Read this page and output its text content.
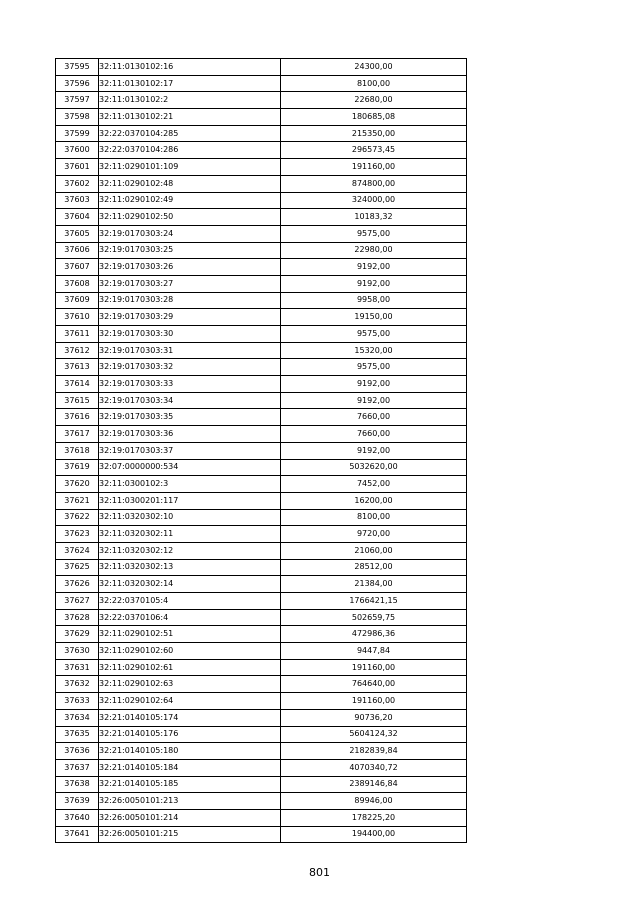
37595	32:11:0130102:16	24300,00
37596	32:11:0130102:17	8100,00
37597	32:11:0130102:2	22680,00
37598	32:11:0130102:21	180685,08
37599	32:22:0370104:285	215350,00
37600	32:22:0370104:286	296573,45
37601	32:11:0290101:109	191160,00
37602	32:11:0290102:48	874800,00
37603	32:11:0290102:49	324000,00
37604	32:11:0290102:50	10183,32
37605	32:19:0170303:24	9575,00
37606	32:19:0170303:25	22980,00
37607	32:19:0170303:26	9192,00
37608	32:19:0170303:27	9192,00
37609	32:19:0170303:28	9958,00
37610	32:19:0170303:29	19150,00
37611	32:19:0170303:30	9575,00
37612	32:19:0170303:31	15320,00
37613	32:19:0170303:32	9575,00
37614	32:19:0170303:33	9192,00
37615	32:19:0170303:34	9192,00
37616	32:19:0170303:35	7660,00
37617	32:19:0170303:36	7660,00
37618	32:19:0170303:37	9192,00
37619	32:07:0000000:534	5032620,00
37620	32:11:0300102:3	7452,00
37621	32:11:0300201:117	16200,00
37622	32:11:0320302:10	8100,00
37623	32:11:0320302:11	9720,00
37624	32:11:0320302:12	21060,00
37625	32:11:0320302:13	28512,00
37626	32:11:0320302:14	21384,00
37627	32:22:0370105:4	1766421,15
37628	32:22:0370106:4	502659,75
37629	32:11:0290102:51	472986,36
37630	32:11:0290102:60	9447,84
37631	32:11:0290102:61	191160,00
37632	32:11:0290102:63	764640,00
37633	32:11:0290102:64	191160,00
37634	32:21:0140105:174	90736,20
37635	32:21:0140105:176	5604124,32
37636	32:21:0140105:180	2182839,84
37637	32:21:0140105:184	4070340,72
37638	32:21:0140105:185	2389146,84
37639	32:26:0050101:213	89946,00
37640	32:26:0050101:214	178225,20
37641	32:26:0050101:215	194400,00
801
